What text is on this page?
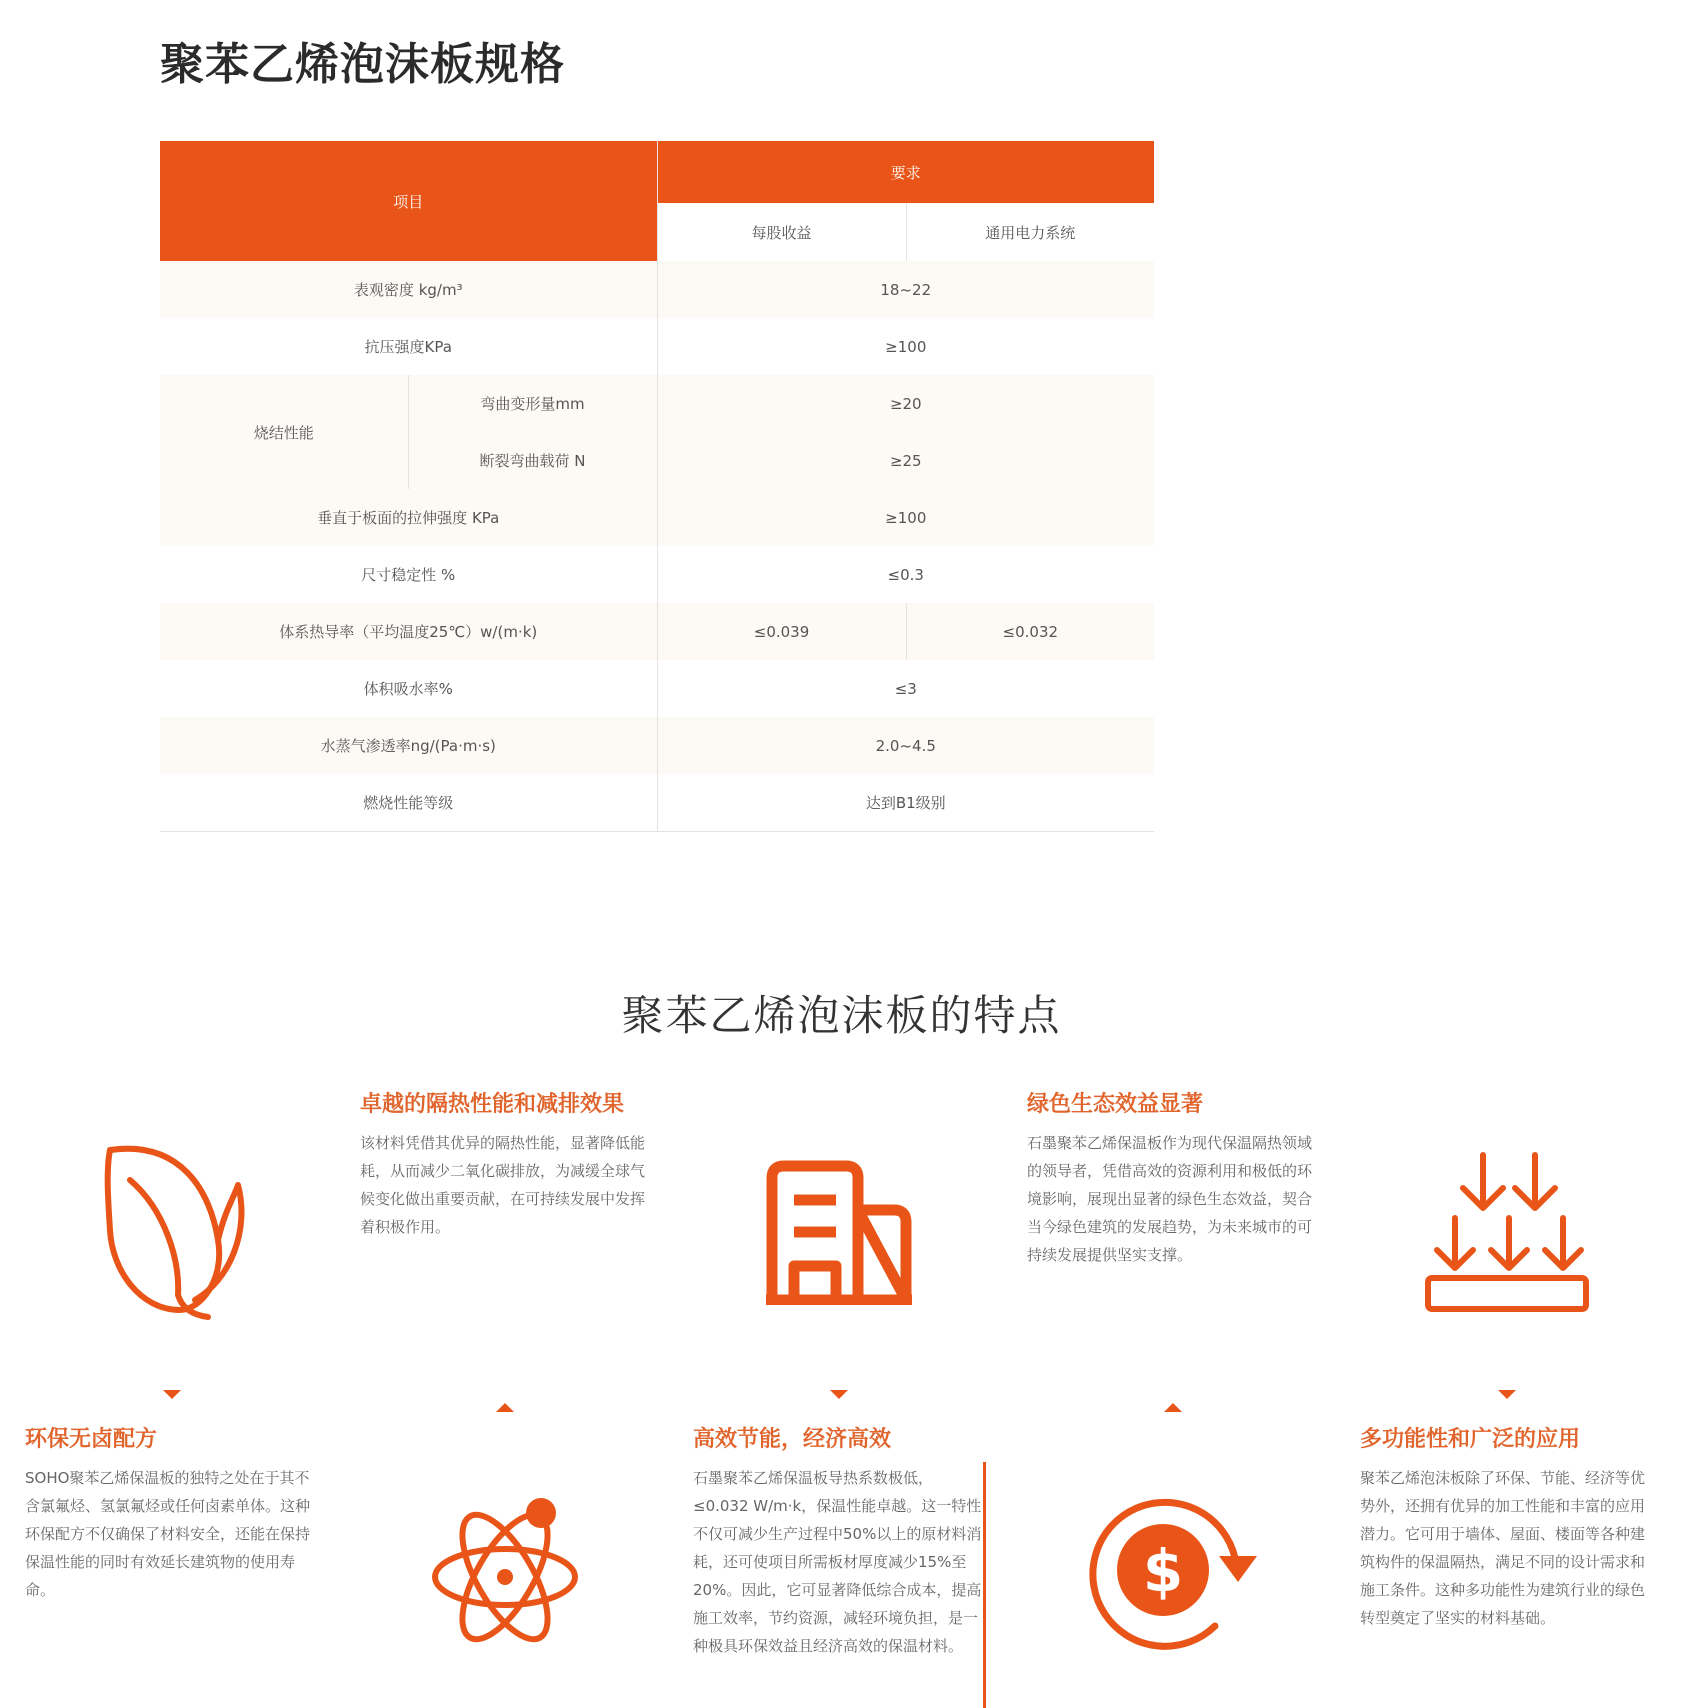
聚苯乙烯泡沫板规格
项目		要求	
		每股收益	通用电力系统
表观密度 kg/m³		18~22	
抗压强度KPa		≥100	
烧结性能	弯曲变形量mm	≥20	
	断裂弯曲载荷 N	≥25	
垂直于板面的拉伸强度 KPa		≥100	
尺寸稳定性 %		≤0.3	
体系热导率（平均温度25℃）w/(m·k)		≤0.039	≤0.032
体积吸水率%		≤3	
水蒸气渗透率ng/(Pa·m·s)		2.0~4.5	
燃烧性能等级		达到B1级别	
聚苯乙烯泡沫板的特点
卓越的隔热性能和减排效果

该材料凭借其优异的隔热性能，显著降低能耗，从而减少二氧化碳排放，为减缓全球气候变化做出重要贡献，在可持续发展中发挥着积极作用。

绿色生态效益显著

石墨聚苯乙烯保温板作为现代保温隔热领域的领导者，凭借高效的资源利用和极低的环境影响，展现出显著的绿色生态效益，契合当今绿色建筑的发展趋势，为未来城市的可持续发展提供坚实支撑。

环保无卤配方

SOHO聚苯乙烯保温板的独特之处在于其不含氯氟烃、氢氯氟烃或任何卤素单体。这种环保配方不仅确保了材料安全，还能在保持保温性能的同时有效延长建筑物的使用寿命。

高效节能，经济高效

石墨聚苯乙烯保温板导热系数极低，≤0.032 W/m·k，保温性能卓越。这一特性不仅可减少生产过程中50%以上的原材料消耗，还可使项目所需板材厚度减少15%至20%。因此，它可显著降低综合成本，提高施工效率，节约资源，减轻环境负担，是一种极具环保效益且经济高效的保温材料。

$
多功能性和广泛的应用

聚苯乙烯泡沫板除了环保、节能、经济等优势外，还拥有优异的加工性能和丰富的应用潜力。它可用于墙体、屋面、楼面等各种建筑构件的保温隔热，满足不同的设计需求和施工条件。这种多功能性为建筑行业的绿色转型奠定了坚实的材料基础。
